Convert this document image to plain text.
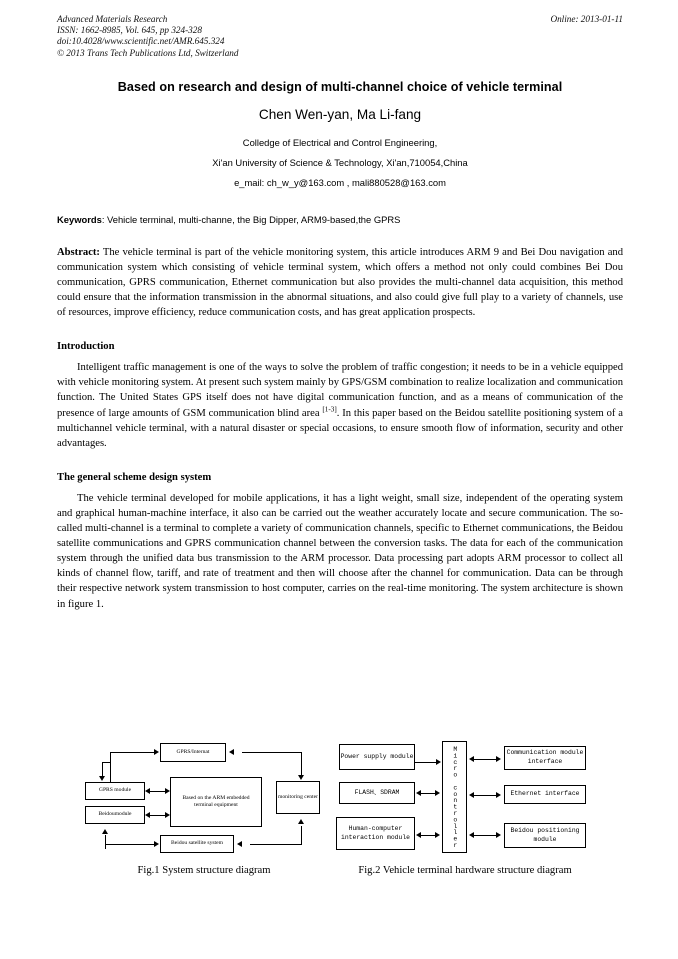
Advanced Materials Research
ISSN: 1662-8985, Vol. 645, pp 324-328
doi:10.4028/www.scientific.net/AMR.645.324
© 2013 Trans Tech Publications Ltd, Switzerland
Online: 2013-01-11
Based on research and design of multi-channel choice of vehicle terminal
Chen Wen-yan, Ma Li-fang
Colledge of Electrical and Control Engineering,
Xi'an University of Science & Technology, Xi'an,710054,China
e_mail: ch_w_y@163.com , mali880528@163.com
Keywords: Vehicle terminal, multi-channe, the Big Dipper, ARM9-based,the GPRS
Abstract: The vehicle terminal is part of the vehicle monitoring system, this article introduces ARM 9 and Bei Dou navigation and communication system which consisting of vehicle terminal system, which offers a method not only could combines Bei Dou communication, GPRS communication, Ethernet communication but also provides the multi-channel data acquisition, this method could ensure that the information transmission in the abnormal situations, and also could give full play to a variety of channels, use of resources, improve efficiency, reduce communication costs, and has great application prospects.
Introduction
Intelligent traffic management is one of the ways to solve the problem of traffic congestion; it needs to be in a vehicle equipped with vehicle monitoring system. At present such system mainly by GPS/GSM combination to realize localization and communication function. The United States GPS itself does not have digital communication function, and as a means of communication of the presence of large amounts of GSM communication blind area [1-3]. In this paper based on the Beidou satellite positioning system of a multichannel vehicle terminal, with a natural disaster or special occasions, to ensure smooth flow of information, security and other advantages.
The general scheme design system
The vehicle terminal developed for mobile applications, it has a light weight, small size, independent of the operating system and graphical human-machine interface, it also can be carried out the weather accurately locate and secure communication. The so-called multi-channel is a terminal to complete a variety of communication channels, specific to Ethernet communications, the Beidou satellite communications and GPRS communication channel between the conversion tasks. The data for each of the communication system through the unified data bus transmission to the ARM processor. Data processing part adopts ARM processor to collect all kinds of channel flow, tariff, and rate of treatment and then will choose after the channel for communication. Data can be through their respective network system transmission to host computer, carries on the real-time monitoring. The system architecture is shown in figure 1.
GPRS/Internat
GPRS module
Beidoumodule
Based on the ARM embedded terminal equipment
monitoring center
Beidou satellite system
Power supply module
FLASH、SDRAM
Human-computer interaction module	Micro controller	Communication module interface
Ethernet interface
Beidou positioning module
Fig.1 System structure diagram	Fig.2 Vehicle terminal hardware structure diagram
